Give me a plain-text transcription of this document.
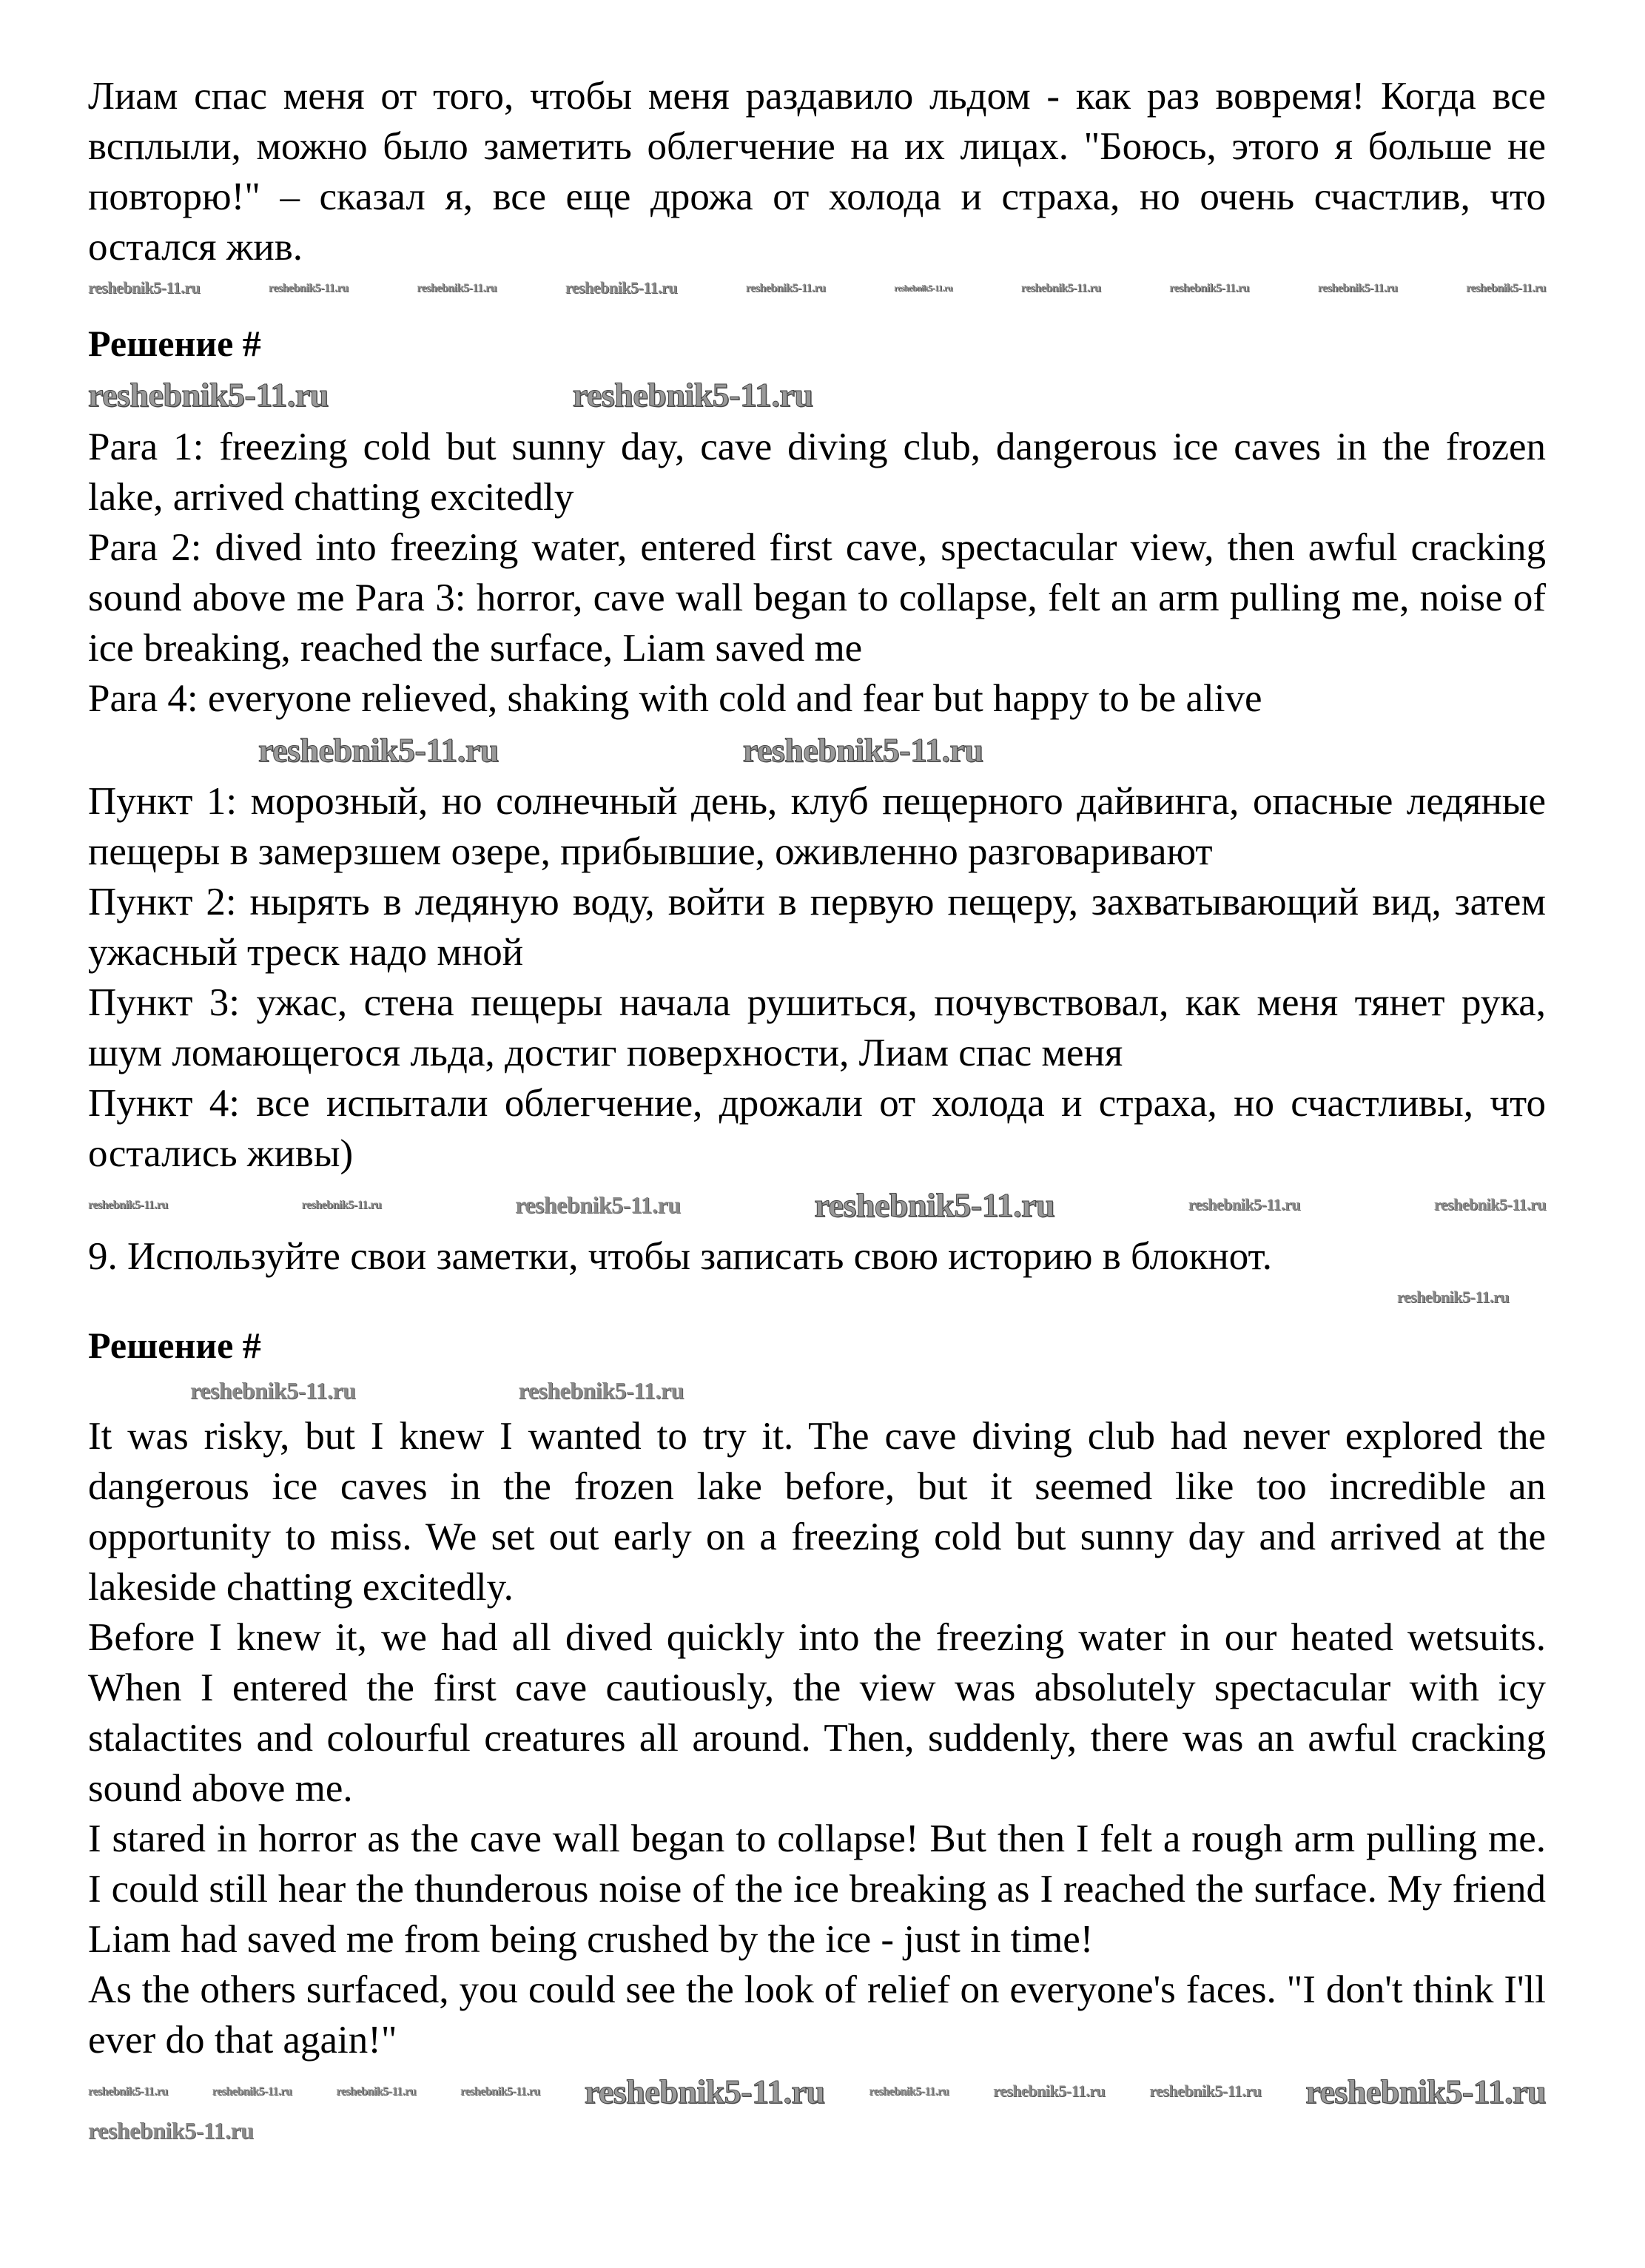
Лиам спас меня от того, чтобы меня раздавило льдом - как раз вовремя! Когда все всплыли, можно было заметить облегчение на их лицах. "Боюсь, этого я больше не повторю!" – сказал я, все еще дрожа от холода и страха, но очень счастлив, что остался жив.

reshebnik5-11.ru	reshebnik5-11.ru	reshebnik5-11.ru	reshebnik5-11.ru	reshebnik5-11.ru	reshebnik5-11.ru	reshebnik5-11.ru	reshebnik5-11.ru	reshebnik5-11.ru	reshebnik5-11.ru
Решение #
reshebnik5-11.ru	reshebnik5-11.ru

Para 1: freezing cold but sunny day, cave diving club, dangerous ice caves in the frozen lake, arrived chatting excitedly

Para 2: dived into freezing water, entered first cave, spectacular view, then awful cracking sound above me Para 3: horror, cave wall began to collapse, felt an arm pulling me, noise of ice breaking, reached the surface, Liam saved me

Para 4: everyone relieved, shaking with cold and fear but happy to be alive

reshebnik5-11.ru	reshebnik5-11.ru

Пункт 1: морозный, но солнечный день, клуб пещерного дайвинга, опасные ледяные пещеры в замерзшем озере, прибывшие, оживленно разговаривают

Пункт 2: нырять в ледяную воду, войти в первую пещеру, захватывающий вид, затем ужасный треск надо мной

Пункт 3: ужас, стена пещеры начала рушиться, почувствовал, как меня тянет рука, шум ломающегося льда, достиг поверхности, Лиам спас меня

Пункт 4: все испытали облегчение, дрожали от холода и страха, но счастливы, что остались живы)

reshebnik5-11.ru	reshebnik5-11.ru	reshebnik5-11.ru	reshebnik5-11.ru	reshebnik5-11.ru	reshebnik5-11.ru

9. Используйте свои заметки, чтобы записать свою историю в блокнот.

reshebnik5-11.ru
Решение #
reshebnik5-11.ru	reshebnik5-11.ru

It was risky, but I knew I wanted to try it. The cave diving club had never explored the dangerous ice caves in the frozen lake before, but it seemed like too incredible an opportunity to miss. We set out early on a freezing cold but sunny day and arrived at the lakeside chatting excitedly.

Before I knew it, we had all dived quickly into the freezing water in our heated wetsuits. When I entered the first cave cautiously, the view was absolutely spectacular with icy stalactites and colourful creatures all around. Then, suddenly, there was an awful cracking sound above me.

I stared in horror as the cave wall began to collapse! But then I felt a rough arm pulling me. I could still hear the thunderous noise of the ice breaking as I reached the surface. My friend Liam had saved me from being crushed by the ice - just in time!

As the others surfaced, you could see the look of relief on everyone's faces. "I don't think I'll ever do that again!"

reshebnik5-11.ru	reshebnik5-11.ru	reshebnik5-11.ru	reshebnik5-11.ru reshebnik5-11.ru	reshebnik5-11.ru	reshebnik5-11.ru	reshebnik5-11.ru reshebnik5-11.ru
reshebnik5-11.ru
